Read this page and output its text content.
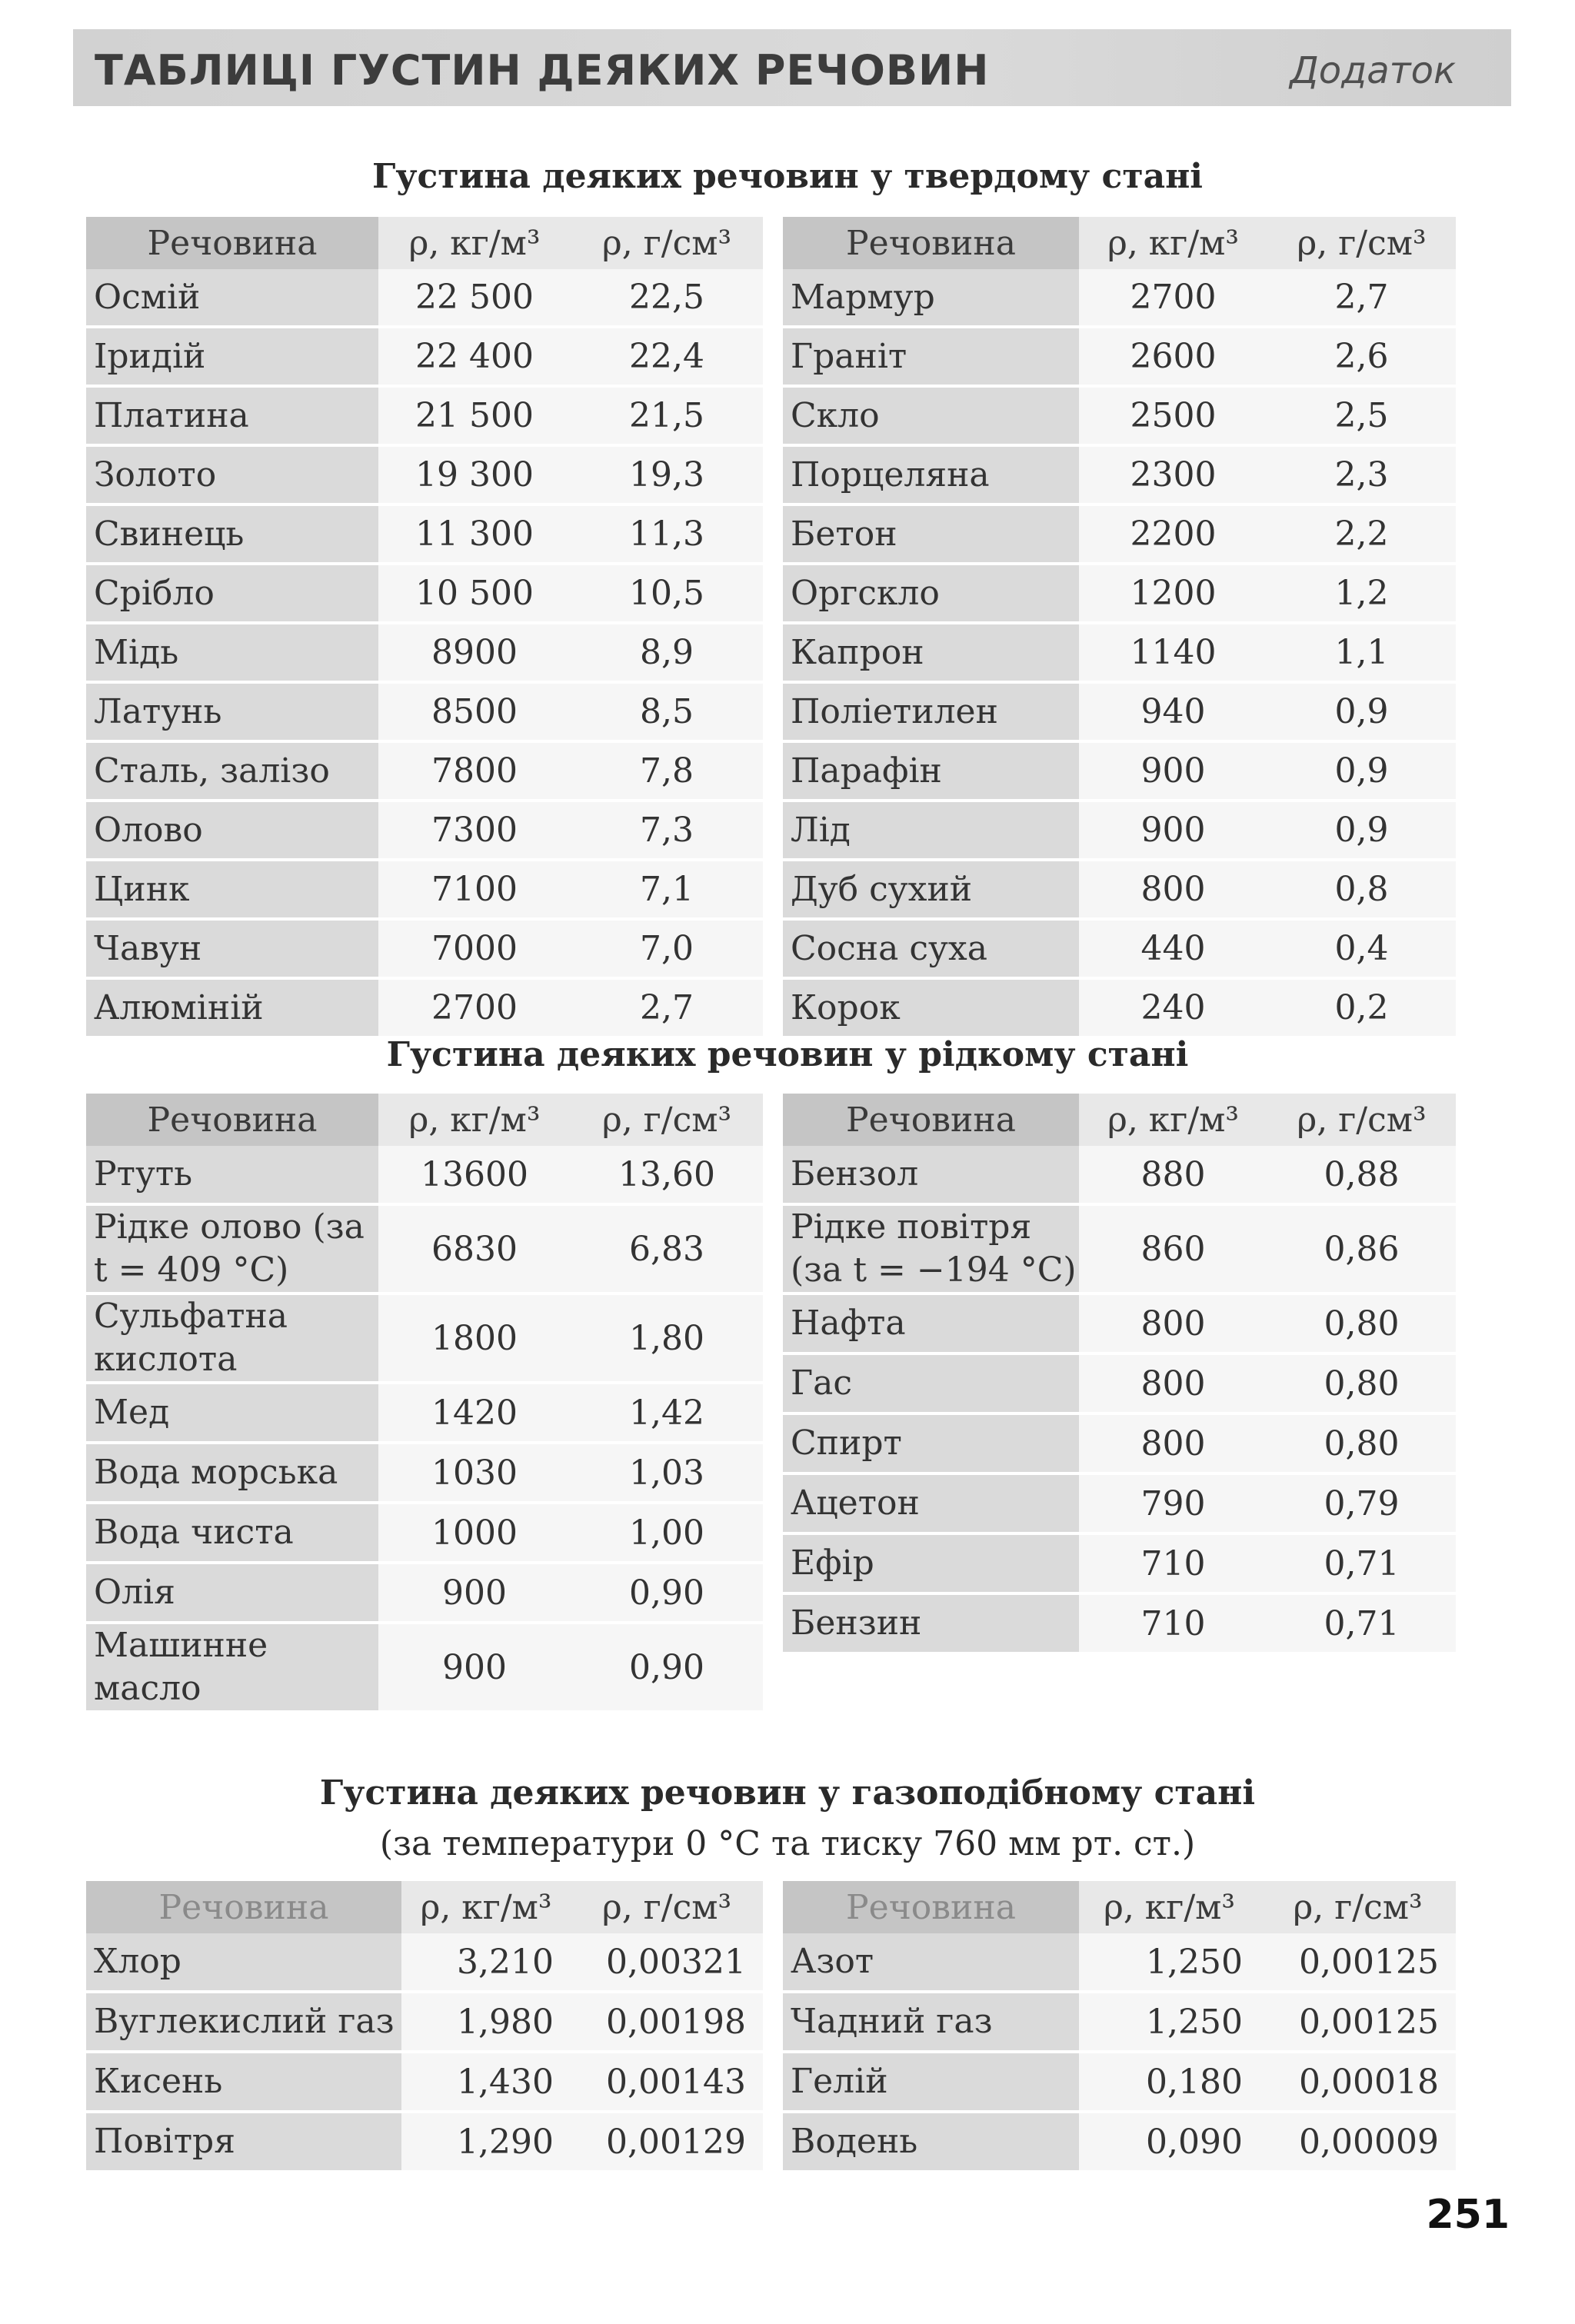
ТАБЛИЦІ ГУСТИН ДЕЯКИХ РЕЧОВИН	Додаток
Густина деяких речовин у твердому стані
Речовина	ρ, кг/м³	ρ, г/см³
Осмій	22 500	22,5
Іридій	22 400	22,4
Платина	21 500	21,5
Золото	19 300	19,3
Свинець	11 300	11,3
Срібло	10 500	10,5
Мідь	8900	8,9
Латунь	8500	8,5
Сталь, залізо	7800	7,8
Олово	7300	7,3
Цинк	7100	7,1
Чавун	7000	7,0
Алюміній	2700	2,7
Речовина	ρ, кг/м³	ρ, г/см³
Мармур	2700	2,7
Граніт	2600	2,6
Скло	2500	2,5
Порцеляна	2300	2,3
Бетон	2200	2,2
Оргскло	1200	1,2
Капрон	1140	1,1
Поліетилен	940	0,9
Парафін	900	0,9
Лід	900	0,9
Дуб сухий	800	0,8
Сосна суха	440	0,4
Корок	240	0,2
Густина деяких речовин у рідкому стані
Речовина	ρ, кг/м³	ρ, г/см³
Ртуть	13600	13,60
Рідке олово (за t = 409 °C)	6830	6,83
Сульфатна кислота	1800	1,80
Мед	1420	1,42
Вода морська	1030	1,03
Вода чиста	1000	1,00
Олія	900	0,90
Машинне масло	900	0,90
Речовина	ρ, кг/м³	ρ, г/см³
Бензол	880	0,88
Рідке повітря (за t = −194 °C)	860	0,86
Нафта	800	0,80
Гас	800	0,80
Спирт	800	0,80
Ацетон	790	0,79
Ефір	710	0,71
Бензин	710	0,71
Густина деяких речовин у газоподібному стані
(за температури 0 °С та тиску 760 мм рт. ст.)
Речовина	ρ, кг/м³	ρ, г/см³
Хлор	3,210	0,00321
Вуглекислий газ	1,980	0,00198
Кисень	1,430	0,00143
Повітря	1,290	0,00129
Речовина	ρ, кг/м³	ρ, г/см³
Азот	1,250	0,00125
Чадний газ	1,250	0,00125
Гелій	0,180	0,00018
Водень	0,090	0,00009
251
